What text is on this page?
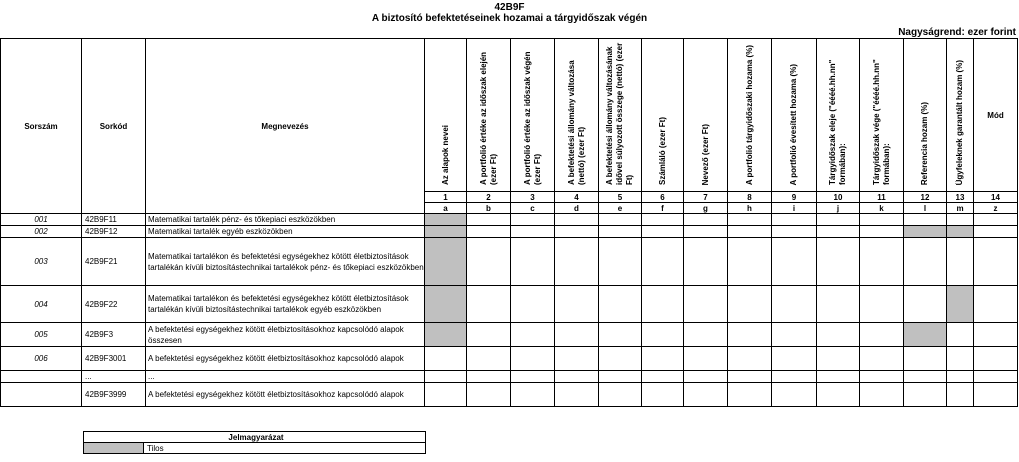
42B9F
A biztosító befektetéseinek hozamai a tárgyidőszak végén
Nagyságrend: ezer forint
Sorszám	Sorkód	Megnevezés	Az alapok nevei	A portfolió értéke az időszak elején (ezer Ft)	A portfolió értéke az időszak végén (ezer Ft)	A befektetési állomány változása (nettó) (ezer Ft)	A befektetési állomány változásának idővel súlyozott összege (nettó) (ezer Ft)	Számláló (ezer Ft)	Nevező (ezer Ft)	A portfolió tárgyidőszaki hozama (%)	A portfolió évesített hozama (%)	Tárgyidőszak eleje ("éééé.hh.nn" formában):	Tárgyidőszak vége ("éééé.hh.nn" formában):	Referencia hozam (%)	Ügyfeleknek garantált hozam (%)	Mód
			1	2	3	4	5	6	7	8	9	10	11	12	13	14
			a	b	c	d	e	f	g	h	i	j	k	l	m	z
001	42B9F11	Matematikai tartalék pénz- és tőkepiaci eszközökben														
002	42B9F12	Matematikai tartalék egyéb eszközökben														
003	42B9F21	Matematikai tartalékon és befektetési egységekhez kötött életbiztosítások tartalékán kívüli biztosítástechnikai tartalékok pénz- és tőkepiaci eszközökben														
004	42B9F22	Matematikai tartalékon és befektetési egységekhez kötött életbiztosítások tartalékán kívüli biztosítástechnikai tartalékok egyéb eszközökben														
005	42B9F3	A befektetési egységekhez kötött életbiztosításokhoz kapcsolódó alapok összesen														
006	42B9F3001	A befektetési egységekhez kötött életbiztosításokhoz kapcsolódó alapok														
	...	...														
	42B9F3999	A befektetési egységekhez kötött életbiztosításokhoz kapcsolódó alapok														
Jelmagyarázat
	Tilos
